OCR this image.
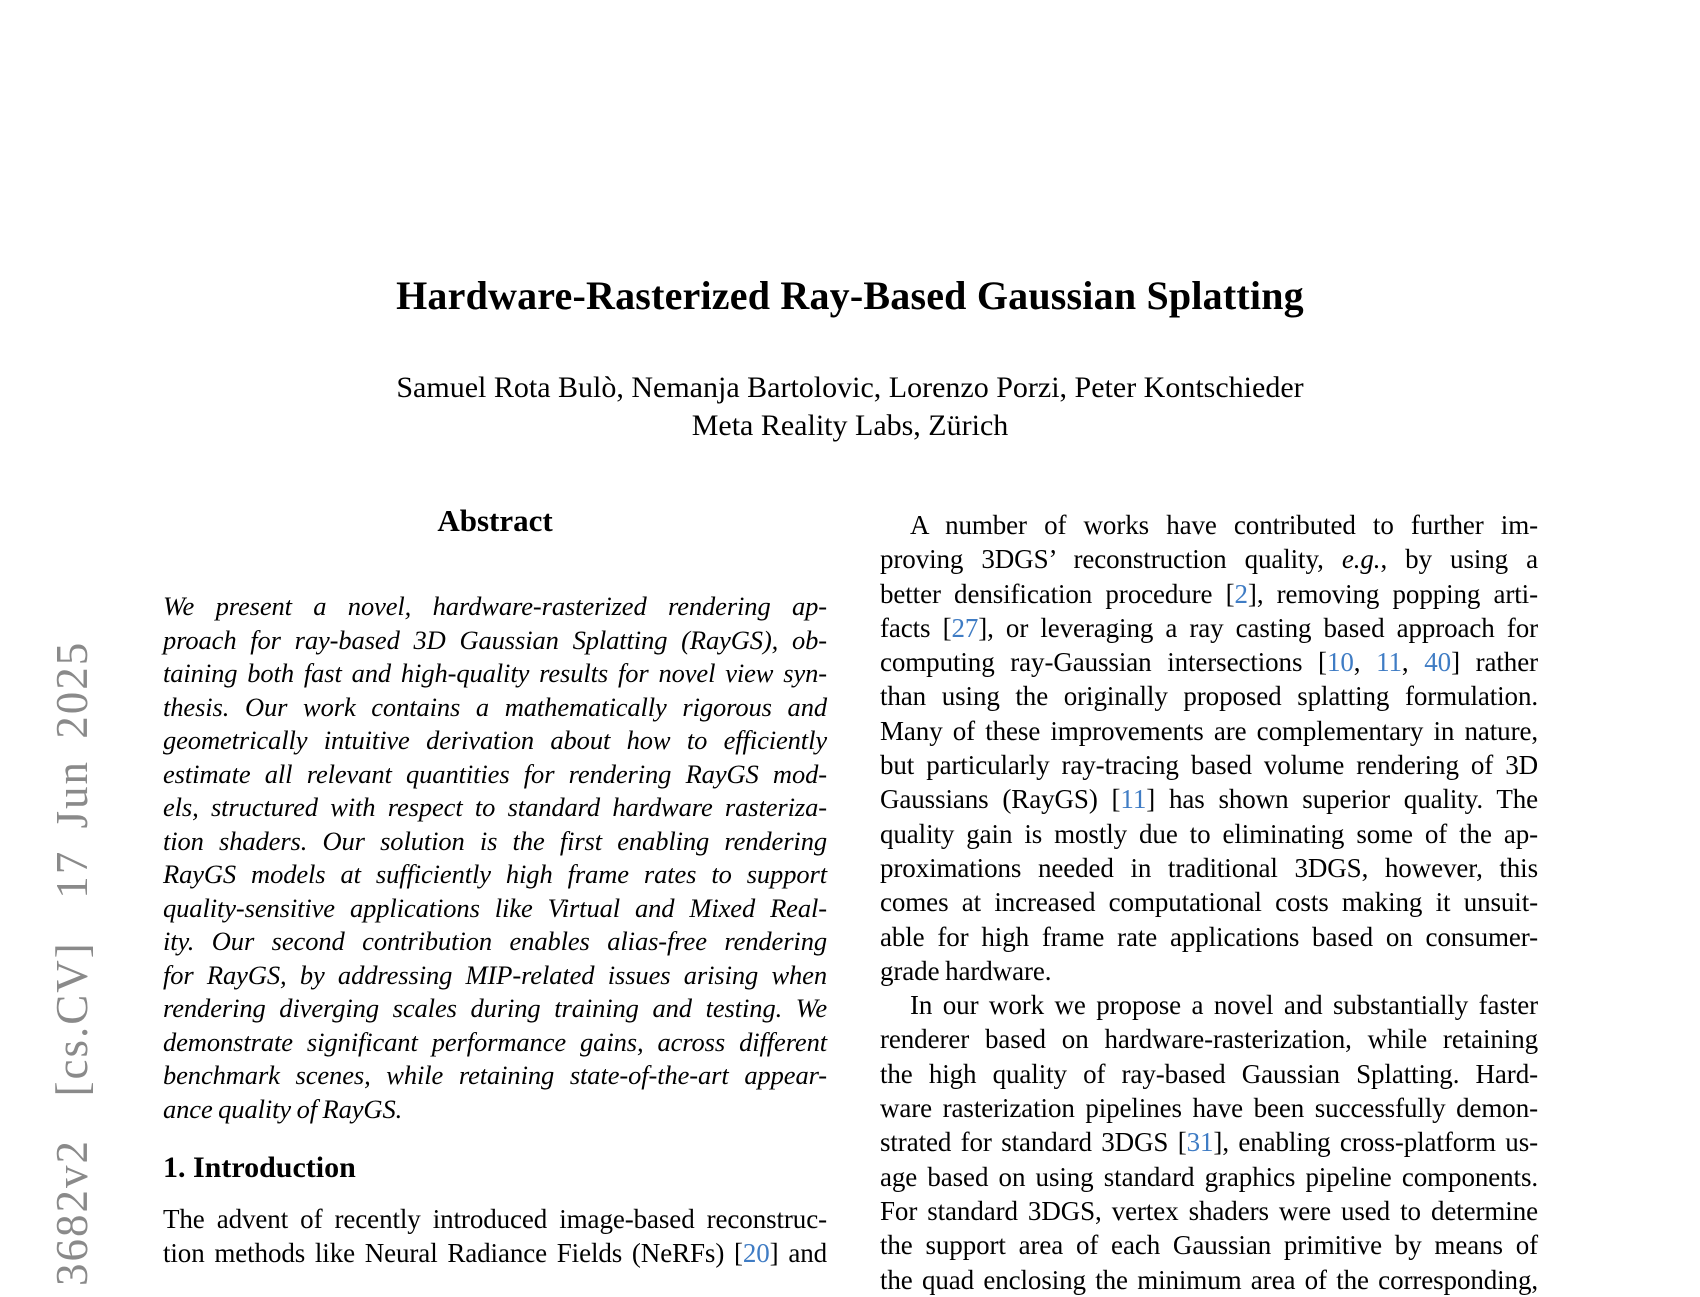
3682v2  [cs.CV]  17 Jun 2025
Hardware-Rasterized Ray-Based Gaussian Splatting
Samuel Rota Bulò, Nemanja Bartolovic, Lorenzo Porzi, Peter Kontschieder
Meta Reality Labs, Zürich
Abstract
We present a novel, hardware-rasterized rendering ap-
proach for ray-based 3D Gaussian Splatting (RayGS), ob-
taining both fast and high-quality results for novel view syn-
thesis. Our work contains a mathematically rigorous and
geometrically intuitive derivation about how to efficiently
estimate all relevant quantities for rendering RayGS mod-
els, structured with respect to standard hardware rasteriza-
tion shaders. Our solution is the first enabling rendering
RayGS models at sufficiently high frame rates to support
quality-sensitive applications like Virtual and Mixed Real-
ity. Our second contribution enables alias-free rendering
for RayGS, by addressing MIP-related issues arising when
rendering diverging scales during training and testing. We
demonstrate significant performance gains, across different
benchmark scenes, while retaining state-of-the-art appear-
ance quality of RayGS.
1. Introduction
The advent of recently introduced image-based reconstruc-
tion methods like Neural Radiance Fields (NeRFs) [20] and
A number of works have contributed to further im-
proving 3DGS’ reconstruction quality, e.g., by using a
better densification procedure [2], removing popping arti-
facts [27], or leveraging a ray casting based approach for
computing ray-Gaussian intersections [10, 11, 40] rather
than using the originally proposed splatting formulation.
Many of these improvements are complementary in nature,
but particularly ray-tracing based volume rendering of 3D
Gaussians (RayGS) [11] has shown superior quality. The
quality gain is mostly due to eliminating some of the ap-
proximations needed in traditional 3DGS, however, this
comes at increased computational costs making it unsuit-
able for high frame rate applications based on consumer-
grade hardware.
In our work we propose a novel and substantially faster
renderer based on hardware-rasterization, while retaining
the high quality of ray-based Gaussian Splatting. Hard-
ware rasterization pipelines have been successfully demon-
strated for standard 3DGS [31], enabling cross-platform us-
age based on using standard graphics pipeline components.
For standard 3DGS, vertex shaders were used to determine
the support area of each Gaussian primitive by means of
the quad enclosing the minimum area of the corresponding,
